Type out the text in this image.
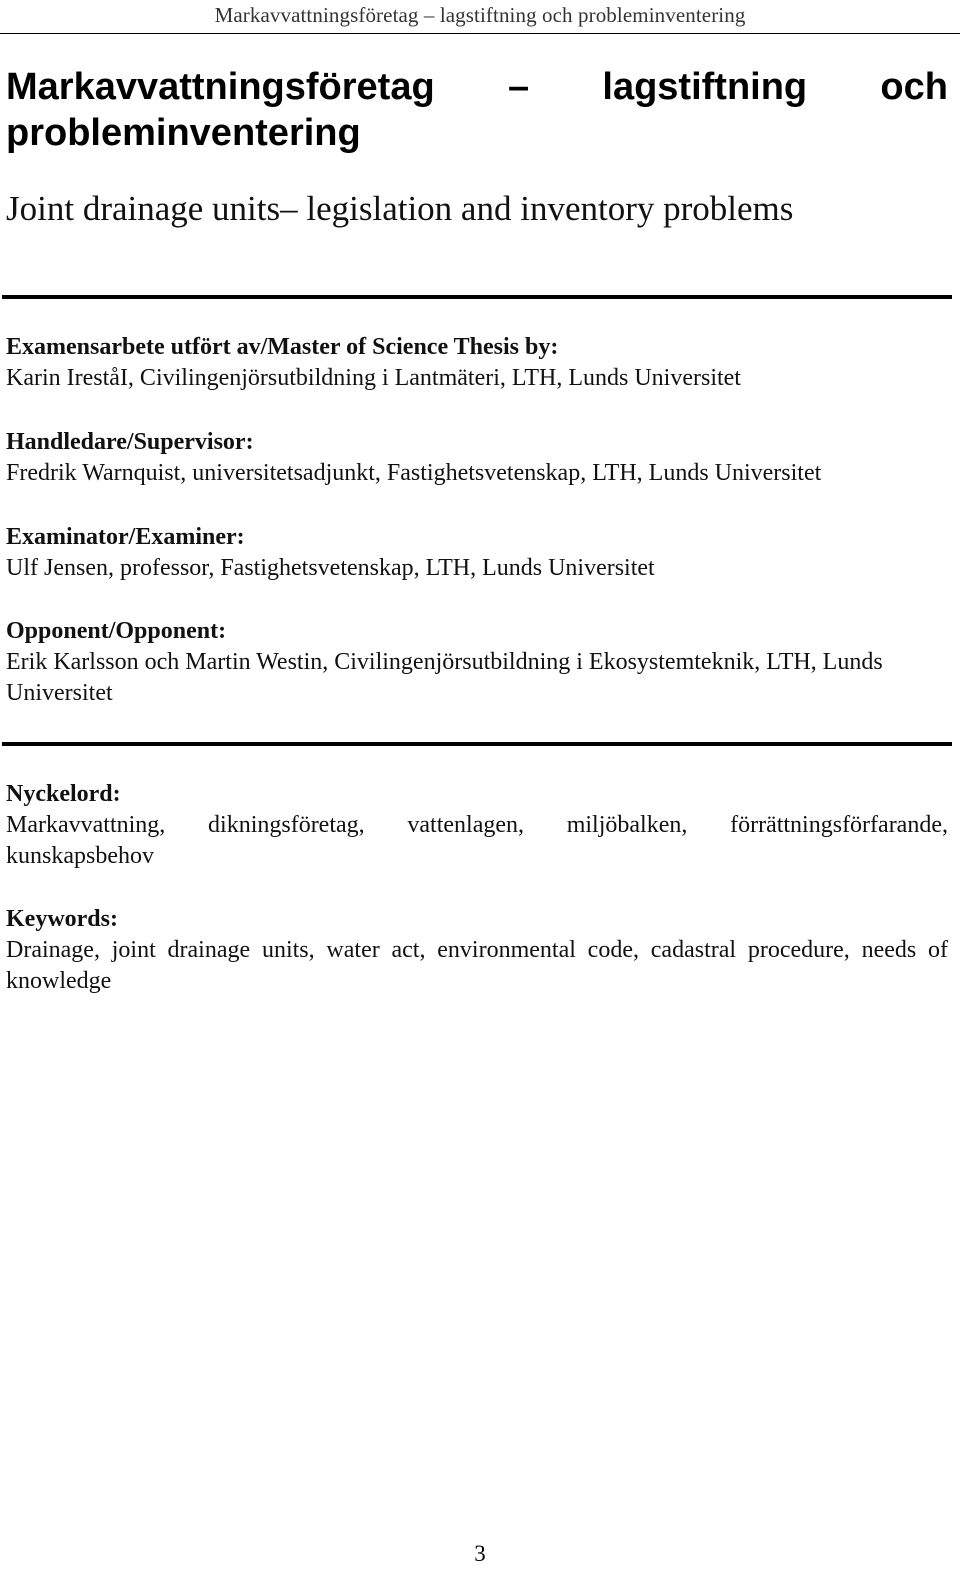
Markavvattningsföretag – lagstiftning och probleminventering
Markavvattningsföretag – lagstiftning och probleminventering
Joint drainage units– legislation and inventory problems
Examensarbete utfört av/Master of Science Thesis by:
Karin IreståI, Civilingenjörsutbildning i Lantmäteri, LTH, Lunds Universitet
Handledare/Supervisor:
Fredrik Warnquist, universitetsadjunkt, Fastighetsvetenskap, LTH, Lunds Universitet
Examinator/Examiner:
Ulf Jensen, professor, Fastighetsvetenskap, LTH, Lunds Universitet
Opponent/Opponent:
Erik Karlsson och Martin Westin, Civilingenjörsutbildning i Ekosystemteknik, LTH, Lunds Universitet
Nyckelord:
Markavvattning, dikningsföretag, vattenlagen, miljöbalken, förrättningsförfarande, kunskapsbehov
Keywords:
Drainage, joint drainage units, water act, environmental code, cadastral procedure, needs of knowledge
3
